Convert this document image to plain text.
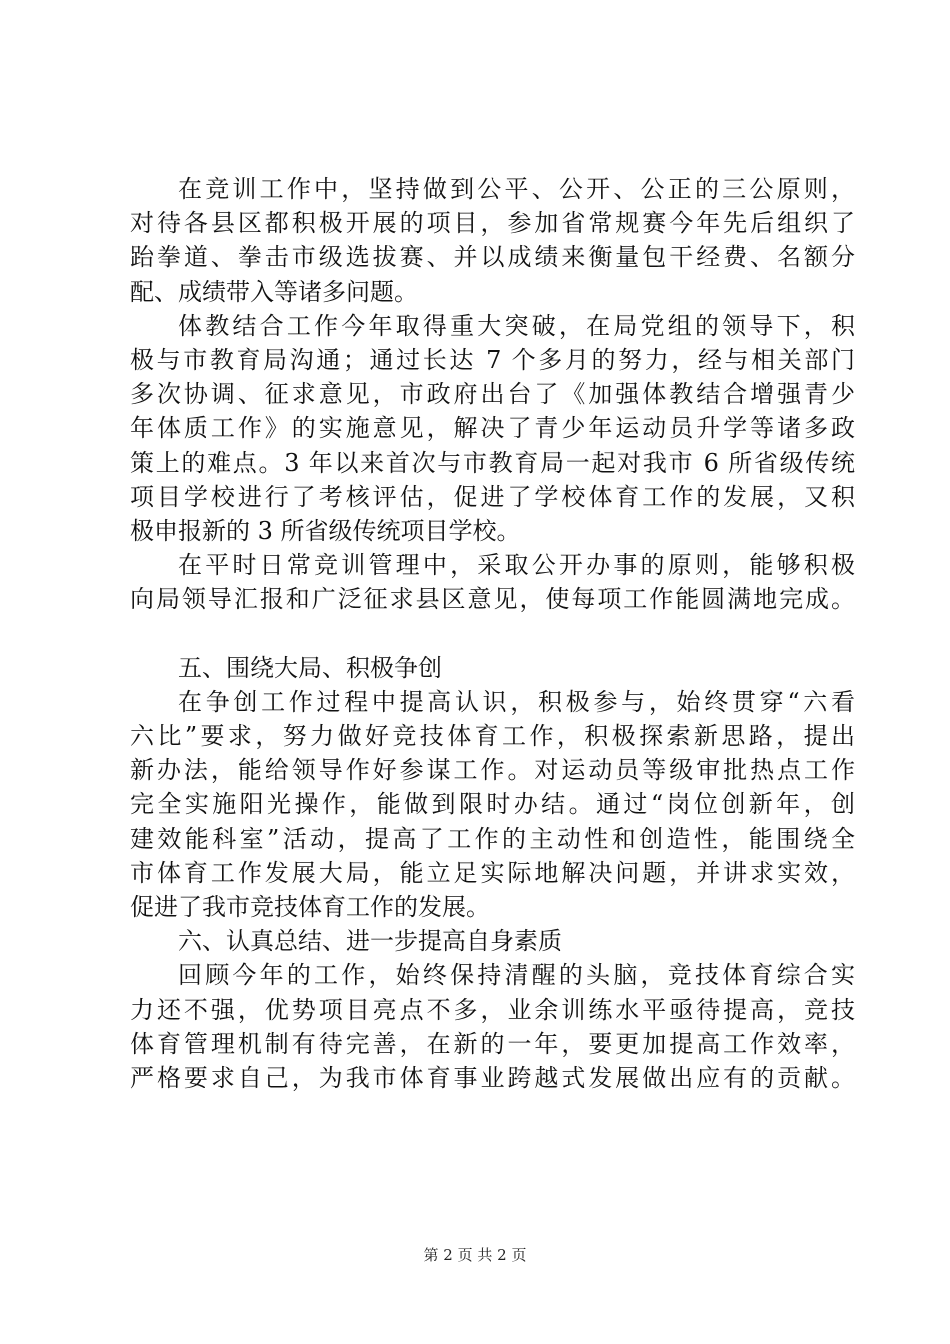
在竞训工作中，坚持做到公平、公开、公正的三公原则，
对待各县区都积极开展的项目，参加省常规赛今年先后组织了
跆拳道、拳击市级选拔赛、并以成绩来衡量包干经费、名额分
配、成绩带入等诸多问题。
体教结合工作今年取得重大突破，在局党组的领导下，积
极与市教育局沟通；通过长达 7 个多月的努力，经与相关部门
多次协调、征求意见，市政府出台了《加强体教结合增强青少
年体质工作》的实施意见，解决了青少年运动员升学等诸多政
策上的难点。3 年以来首次与市教育局一起对我市 6 所省级传统
项目学校进行了考核评估，促进了学校体育工作的发展，又积
极申报新的 3 所省级传统项目学校。
在平时日常竞训管理中，采取公开办事的原则，能够积极
向局领导汇报和广泛征求县区意见，使每项工作能圆满地完成。
五、围绕大局、积极争创
在争创工作过程中提高认识，积极参与，始终贯穿“六看
六比”要求，努力做好竞技体育工作，积极探索新思路，提出
新办法，能给领导作好参谋工作。对运动员等级审批热点工作
完全实施阳光操作，能做到限时办结。通过“岗位创新年，创
建效能科室”活动，提高了工作的主动性和创造性，能围绕全
市体育工作发展大局，能立足实际地解决问题，并讲求实效，
促进了我市竞技体育工作的发展。
六、认真总结、进一步提高自身素质
回顾今年的工作，始终保持清醒的头脑，竞技体育综合实
力还不强，优势项目亮点不多，业余训练水平亟待提高，竞技
体育管理机制有待完善，在新的一年，要更加提高工作效率，
严格要求自己，为我市体育事业跨越式发展做出应有的贡献。
第 2 页 共 2 页
